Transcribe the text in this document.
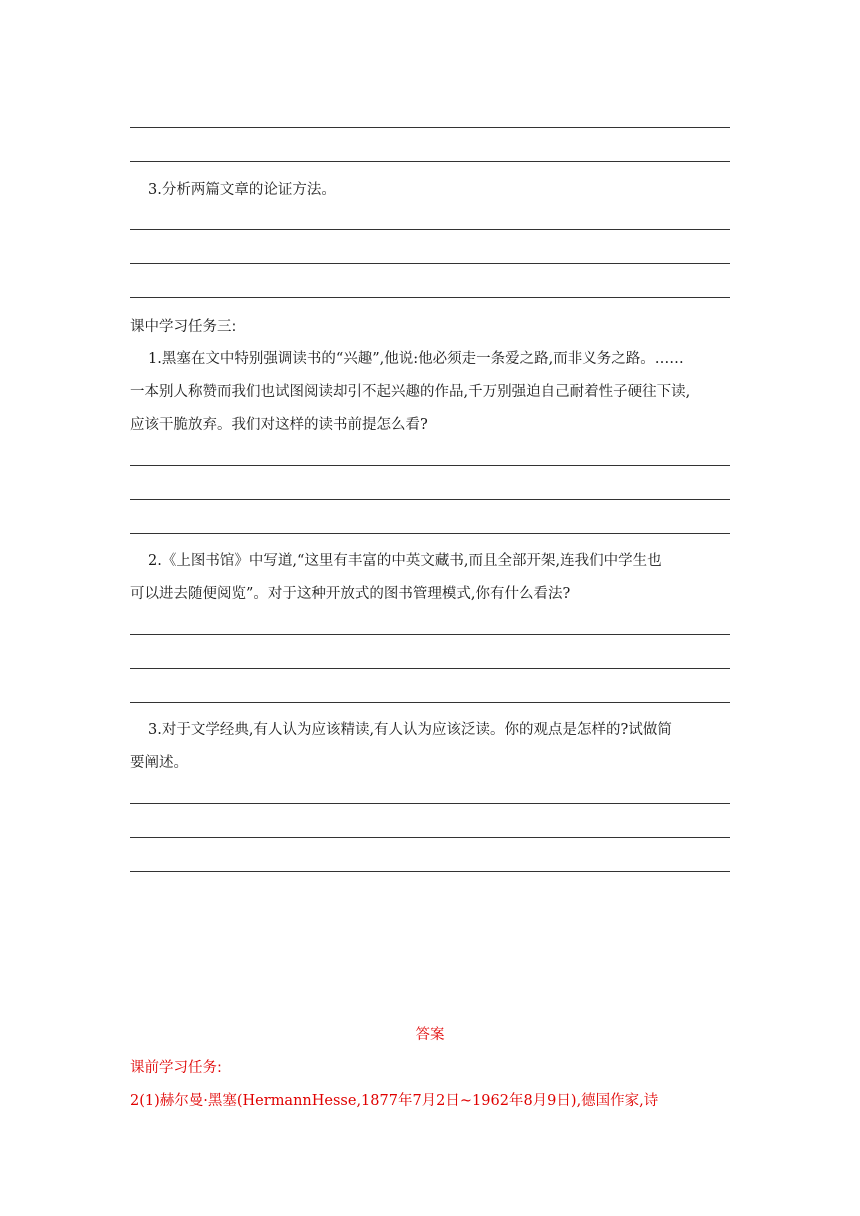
3.分析两篇文章的论证方法。
课中学习任务三:
1.黑塞在文中特别强调读书的“兴趣”,他说:他必须走一条爱之路,而非义务之路。……
一本别人称赞而我们也试图阅读却引不起兴趣的作品,千万别强迫自己耐着性子硬往下读,
应该干脆放弃。我们对这样的读书前提怎么看?
2.《上图书馆》中写道,“这里有丰富的中英文藏书,而且全部开架,连我们中学生也
可以进去随便阅览”。对于这种开放式的图书管理模式,你有什么看法?
3.对于文学经典,有人认为应该精读,有人认为应该泛读。你的观点是怎样的?试做简
要阐述。
答案
课前学习任务:
2(1)赫尔曼·黑塞(HermannHesse,1877年7月2日~1962年8月9日),德国作家,诗
